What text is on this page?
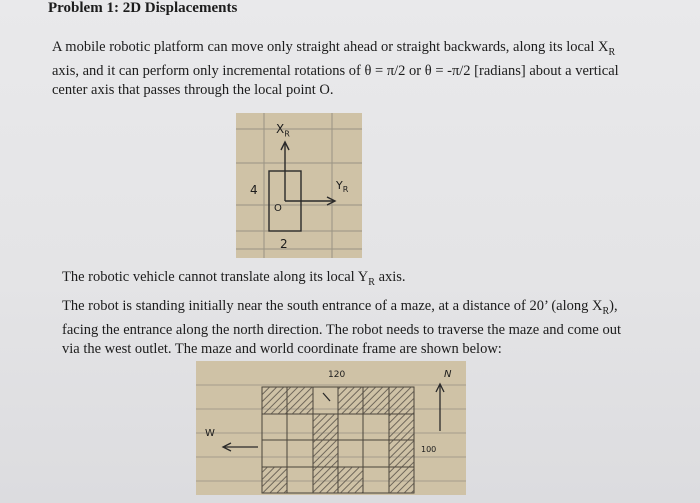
Problem 1: 2D Displacements
A mobile robotic platform can move only straight ahead or straight backwards, along its local $X_R$
axis, and it can perform only incremental rotations of θ = π/2 or θ = -π/2 [radians] about a vertical
center axis that passes through the local point O.
$X_R$
$Y_R$
O
2
4
The robotic vehicle cannot translate along its local $Y_R$ axis.
The robot is standing initially near the south entrance of a maze, at a distance of 20’ (along $X_R$),
facing the entrance along the north direction. The robot needs to traverse the maze and come out
via the west outlet. The maze and world coordinate frame are shown below:
120	N
100
W
